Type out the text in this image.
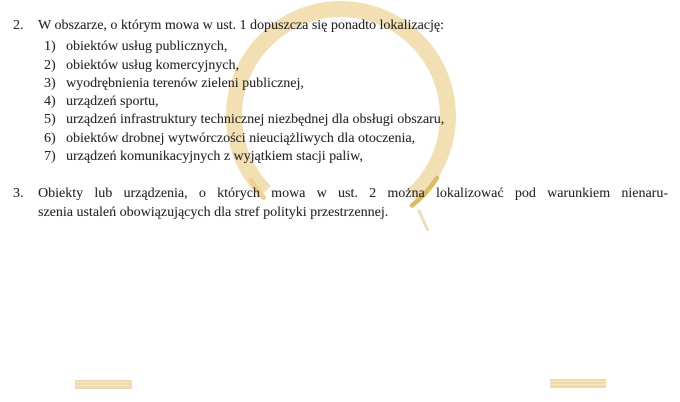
2.	W obszarze, o którym mowa w ust. 1 dopuszcza się ponadto lokalizację:
1) obiektów usług publicznych,
2) obiektów usług komercyjnych,
3) wyodrębnienia terenów zieleni publicznej,
4) urządzeń sportu,
5) urządzeń infrastruktury technicznej niezbędnej dla obsługi obszaru,
6) obiektów drobnej wytwórczości nieuciążliwych dla otoczenia,
7) urządzeń komunikacyjnych z wyjątkiem stacji paliw,
3.	Obiekty lub urządzenia, o których mowa w ust. 2 można lokalizować pod warunkiem nienaru-
szenia ustaleń obowiązujących dla stref polityki przestrzennej.
